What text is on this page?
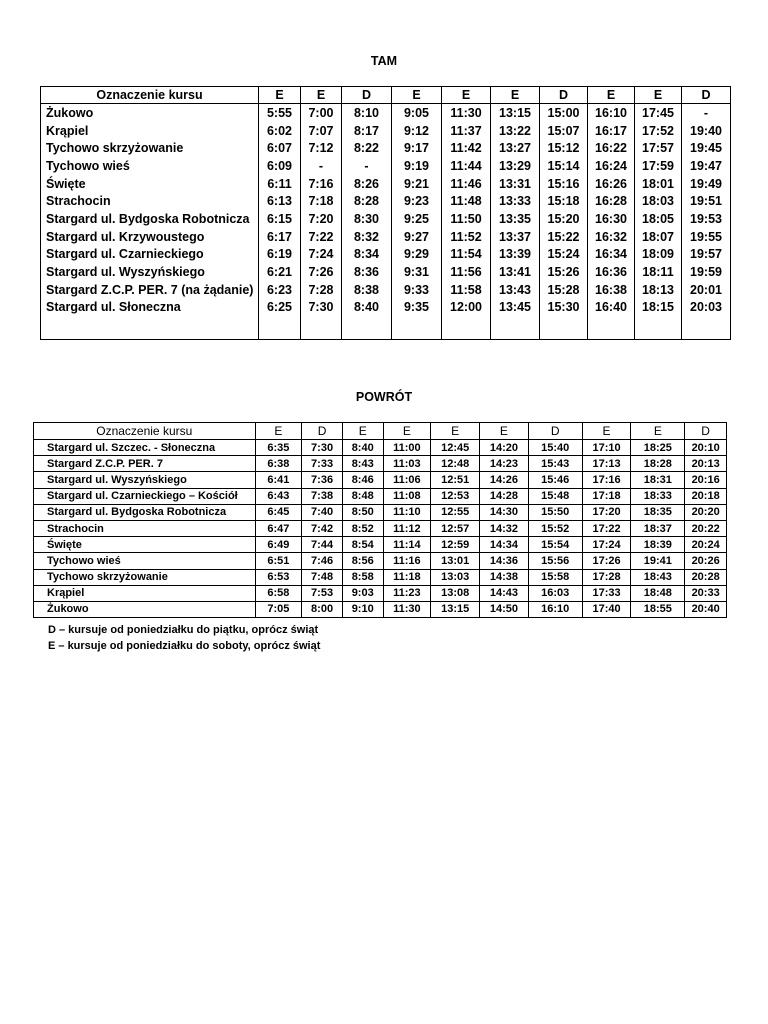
TAM
Oznaczenie kursu	E	E	D	E	E	E	D	E	E	D
Żukowo	5:55	7:00	8:10	9:05	11:30	13:15	15:00	16:10	17:45	-
Krąpiel	6:02	7:07	8:17	9:12	11:37	13:22	15:07	16:17	17:52	19:40
Tychowo skrzyżowanie	6:07	7:12	8:22	9:17	11:42	13:27	15:12	16:22	17:57	19:45
Tychowo wieś	6:09	-	-	9:19	11:44	13:29	15:14	16:24	17:59	19:47
Święte	6:11	7:16	8:26	9:21	11:46	13:31	15:16	16:26	18:01	19:49
Strachocin	6:13	7:18	8:28	9:23	11:48	13:33	15:18	16:28	18:03	19:51
Stargard ul. Bydgoska Robotnicza	6:15	7:20	8:30	9:25	11:50	13:35	15:20	16:30	18:05	19:53
Stargard ul. Krzywoustego	6:17	7:22	8:32	9:27	11:52	13:37	15:22	16:32	18:07	19:55
Stargard ul. Czarnieckiego	6:19	7:24	8:34	9:29	11:54	13:39	15:24	16:34	18:09	19:57
Stargard ul. Wyszyńskiego	6:21	7:26	8:36	9:31	11:56	13:41	15:26	16:36	18:11	19:59
Stargard Z.C.P. PER. 7 (na żądanie)	6:23	7:28	8:38	9:33	11:58	13:43	15:28	16:38	18:13	20:01
Stargard ul. Słoneczna	6:25	7:30	8:40	9:35	12:00	13:45	15:30	16:40	18:15	20:03

POWRÓT
Oznaczenie kursu	E	D	E	E	E	E	D	E	E	D
Stargard ul. Szczec. - Słoneczna	6:35	7:30	8:40	11:00	12:45	14:20	15:40	17:10	18:25	20:10
Stargard Z.C.P. PER. 7	6:38	7:33	8:43	11:03	12:48	14:23	15:43	17:13	18:28	20:13
Stargard ul. Wyszyńskiego	6:41	7:36	8:46	11:06	12:51	14:26	15:46	17:16	18:31	20:16
Stargard ul. Czarnieckiego – Kościół	6:43	7:38	8:48	11:08	12:53	14:28	15:48	17:18	18:33	20:18
Stargard ul. Bydgoska Robotnicza	6:45	7:40	8:50	11:10	12:55	14:30	15:50	17:20	18:35	20:20
Strachocin	6:47	7:42	8:52	11:12	12:57	14:32	15:52	17:22	18:37	20:22
Święte	6:49	7:44	8:54	11:14	12:59	14:34	15:54	17:24	18:39	20:24
Tychowo wieś	6:51	7:46	8:56	11:16	13:01	14:36	15:56	17:26	19:41	20:26
Tychowo skrzyżowanie	6:53	7:48	8:58	11:18	13:03	14:38	15:58	17:28	18:43	20:28
Krąpiel	6:58	7:53	9:03	11:23	13:08	14:43	16:03	17:33	18:48	20:33
Żukowo	7:05	8:00	9:10	11:30	13:15	14:50	16:10	17:40	18:55	20:40
D – kursuje od poniedziałku do piątku, oprócz świąt
E – kursuje od poniedziałku do soboty, oprócz świąt
